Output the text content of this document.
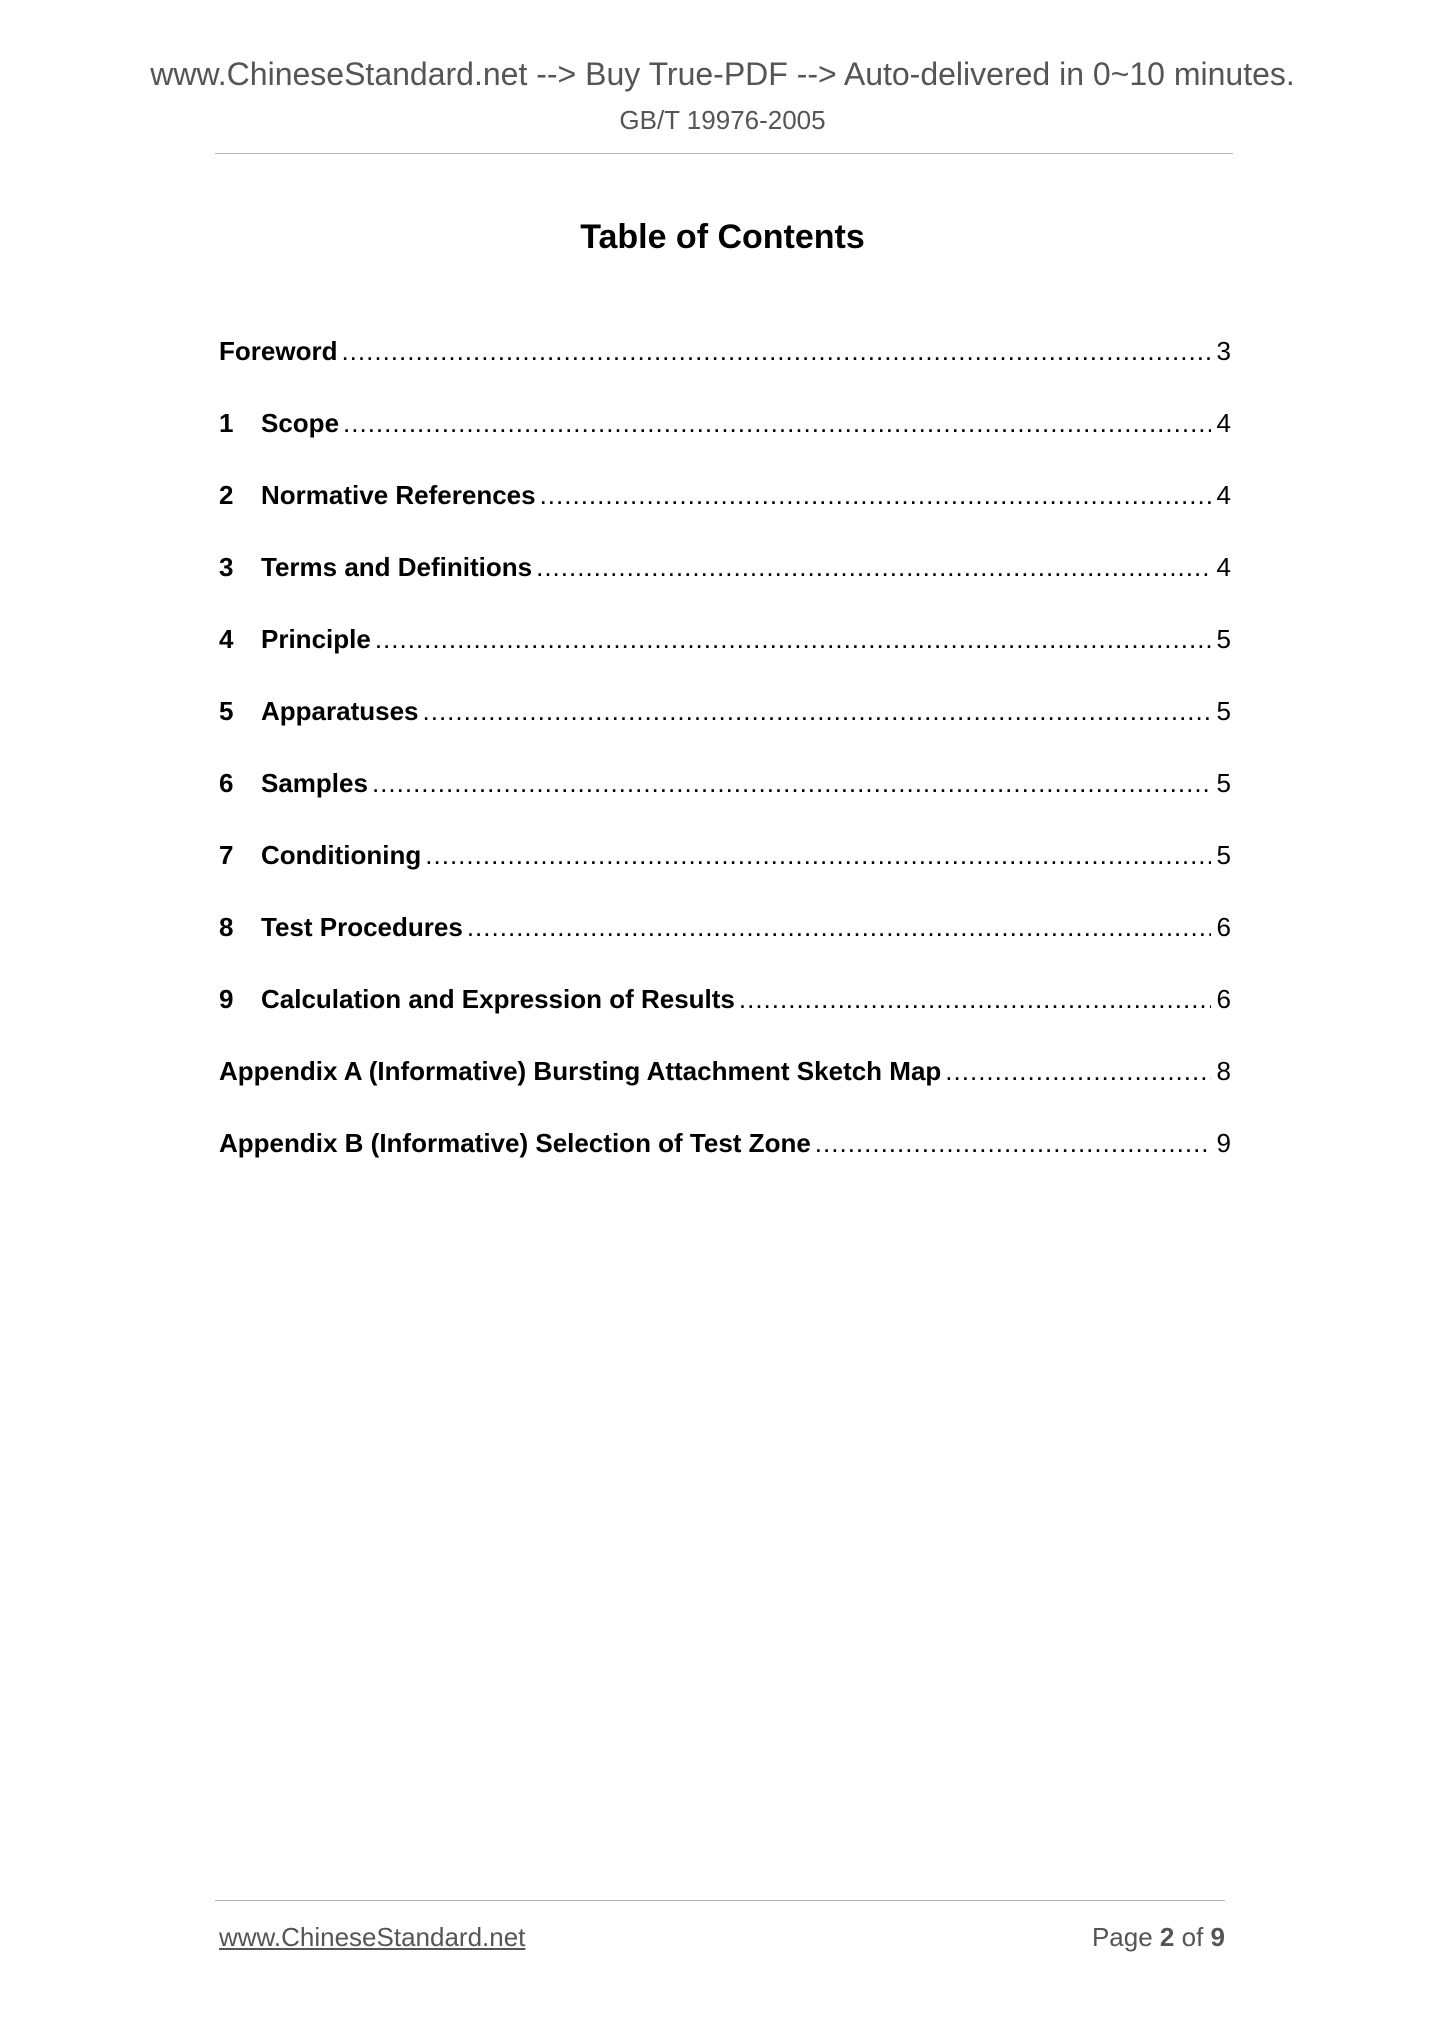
www.ChineseStandard.net --> Buy True-PDF --> Auto-delivered in 0~10 minutes.
GB/T 19976-2005
Table of Contents
Foreword .....	3
1	Scope .....	4
2	Normative References .....	4
3	Terms and Definitions .....	4
4	Principle .....	5
5	Apparatuses .....	5
6	Samples .....	5
7	Conditioning .....	5
8	Test Procedures .....	6
9	Calculation and Expression of Results .....	6
Appendix A (Informative) Bursting Attachment Sketch Map .....	8
Appendix B (Informative) Selection of Test Zone .....	9
www.ChineseStandard.net	Page 2 of 9
